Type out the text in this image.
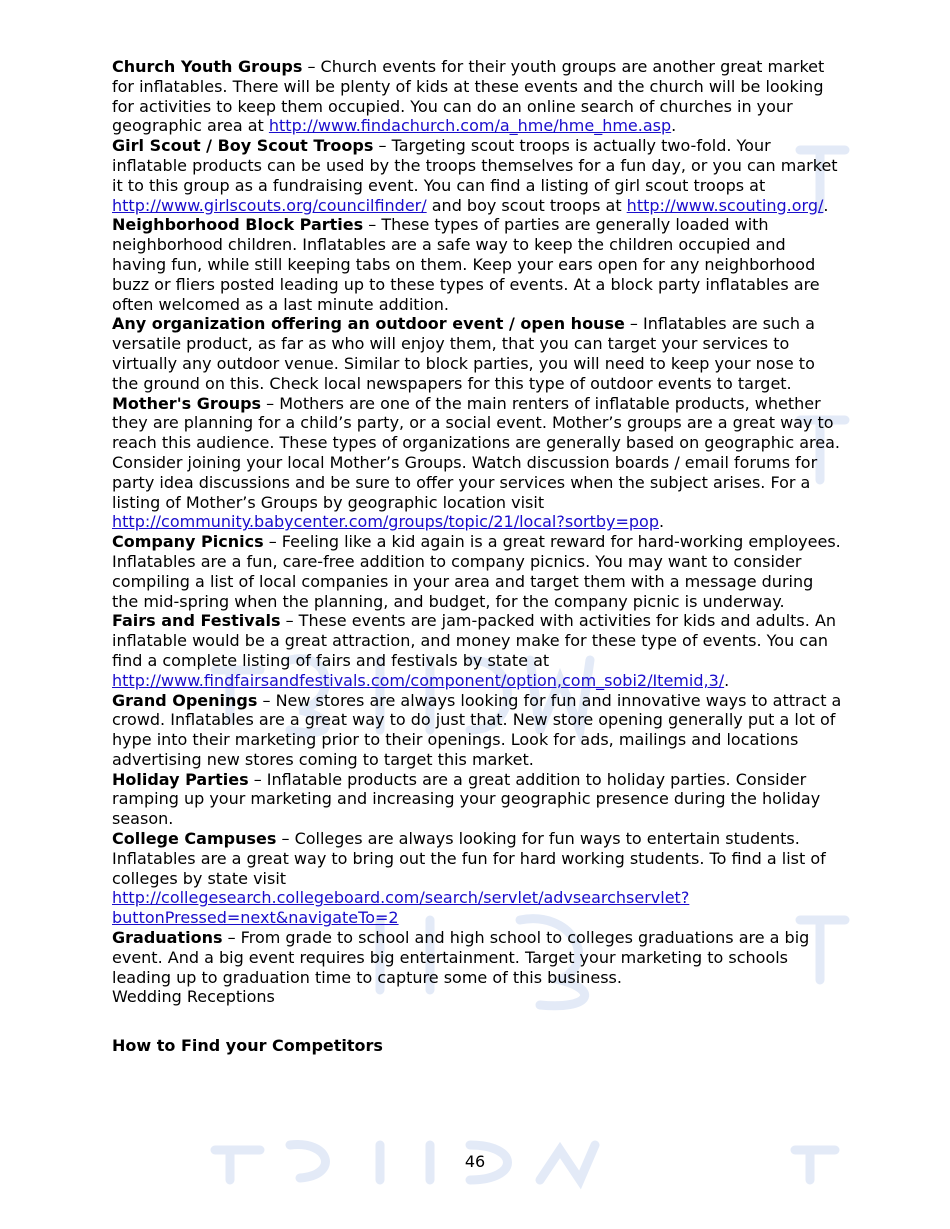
Church Youth Groups – Church events for their youth groups are another great market for inflatables. There will be plenty of kids at these events and the church will be looking for activities to keep them occupied. You can do an online search of churches in your geographic area at http://www.findachurch.com/a_hme/hme_hme.asp.

Girl Scout / Boy Scout Troops – Targeting scout troops is actually two-fold. Your inflatable products can be used by the troops themselves for a fun day, or you can market it to this group as a fundraising event. You can find a listing of girl scout troops at http://www.girlscouts.org/councilfinder/ and boy scout troops at http://www.scouting.org/.

Neighborhood Block Parties – These types of parties are generally loaded with neighborhood children. Inflatables are a safe way to keep the children occupied and having fun, while still keeping tabs on them. Keep your ears open for any neighborhood buzz or fliers posted leading up to these types of events. At a block party inflatables are often welcomed as a last minute addition.

Any organization offering an outdoor event / open house – Inflatables are such a versatile product, as far as who will enjoy them, that you can target your services to virtually any outdoor venue. Similar to block parties, you will need to keep your nose to the ground on this. Check local newspapers for this type of outdoor events to target.

Mother's Groups – Mothers are one of the main renters of inflatable products, whether they are planning for a child’s party, or a social event. Mother’s groups are a great way to reach this audience. These types of organizations are generally based on geographic area. Consider joining your local Mother’s Groups. Watch discussion boards / email forums for party idea discussions and be sure to offer your services when the subject arises. For a listing of Mother’s Groups by geographic location visit http://community.babycenter.com/groups/topic/21/local?sortby=pop.

Company Picnics – Feeling like a kid again is a great reward for hard-working employees. Inflatables are a fun, care-free addition to company picnics. You may want to consider compiling a list of local companies in your area and target them with a message during the mid-spring when the planning, and budget, for the company picnic is underway.

Fairs and Festivals – These events are jam-packed with activities for kids and adults. An inflatable would be a great attraction, and money make for these type of events. You can find a complete listing of fairs and festivals by state at http://www.findfairsandfestivals.com/component/option,com_sobi2/Itemid,3/.

Grand Openings – New stores are always looking for fun and innovative ways to attract a crowd. Inflatables are a great way to do just that. New store opening generally put a lot of hype into their marketing prior to their openings. Look for ads, mailings and locations advertising new stores coming to target this market.

Holiday Parties – Inflatable products are a great addition to holiday parties. Consider ramping up your marketing and increasing your geographic presence during the holiday season.

College Campuses – Colleges are always looking for fun ways to entertain students. Inflatables are a great way to bring out the fun for hard working students. To find a list of colleges by state visit http://collegesearch.collegeboard.com/search/servlet/advsearchservlet?
buttonPressed=next&navigateTo=2

Graduations – From grade to school and high school to colleges graduations are a big event. And a big event requires big entertainment. Target your marketing to schools leading up to graduation time to capture some of this business.

Wedding Receptions

How to Find your Competitors

46
